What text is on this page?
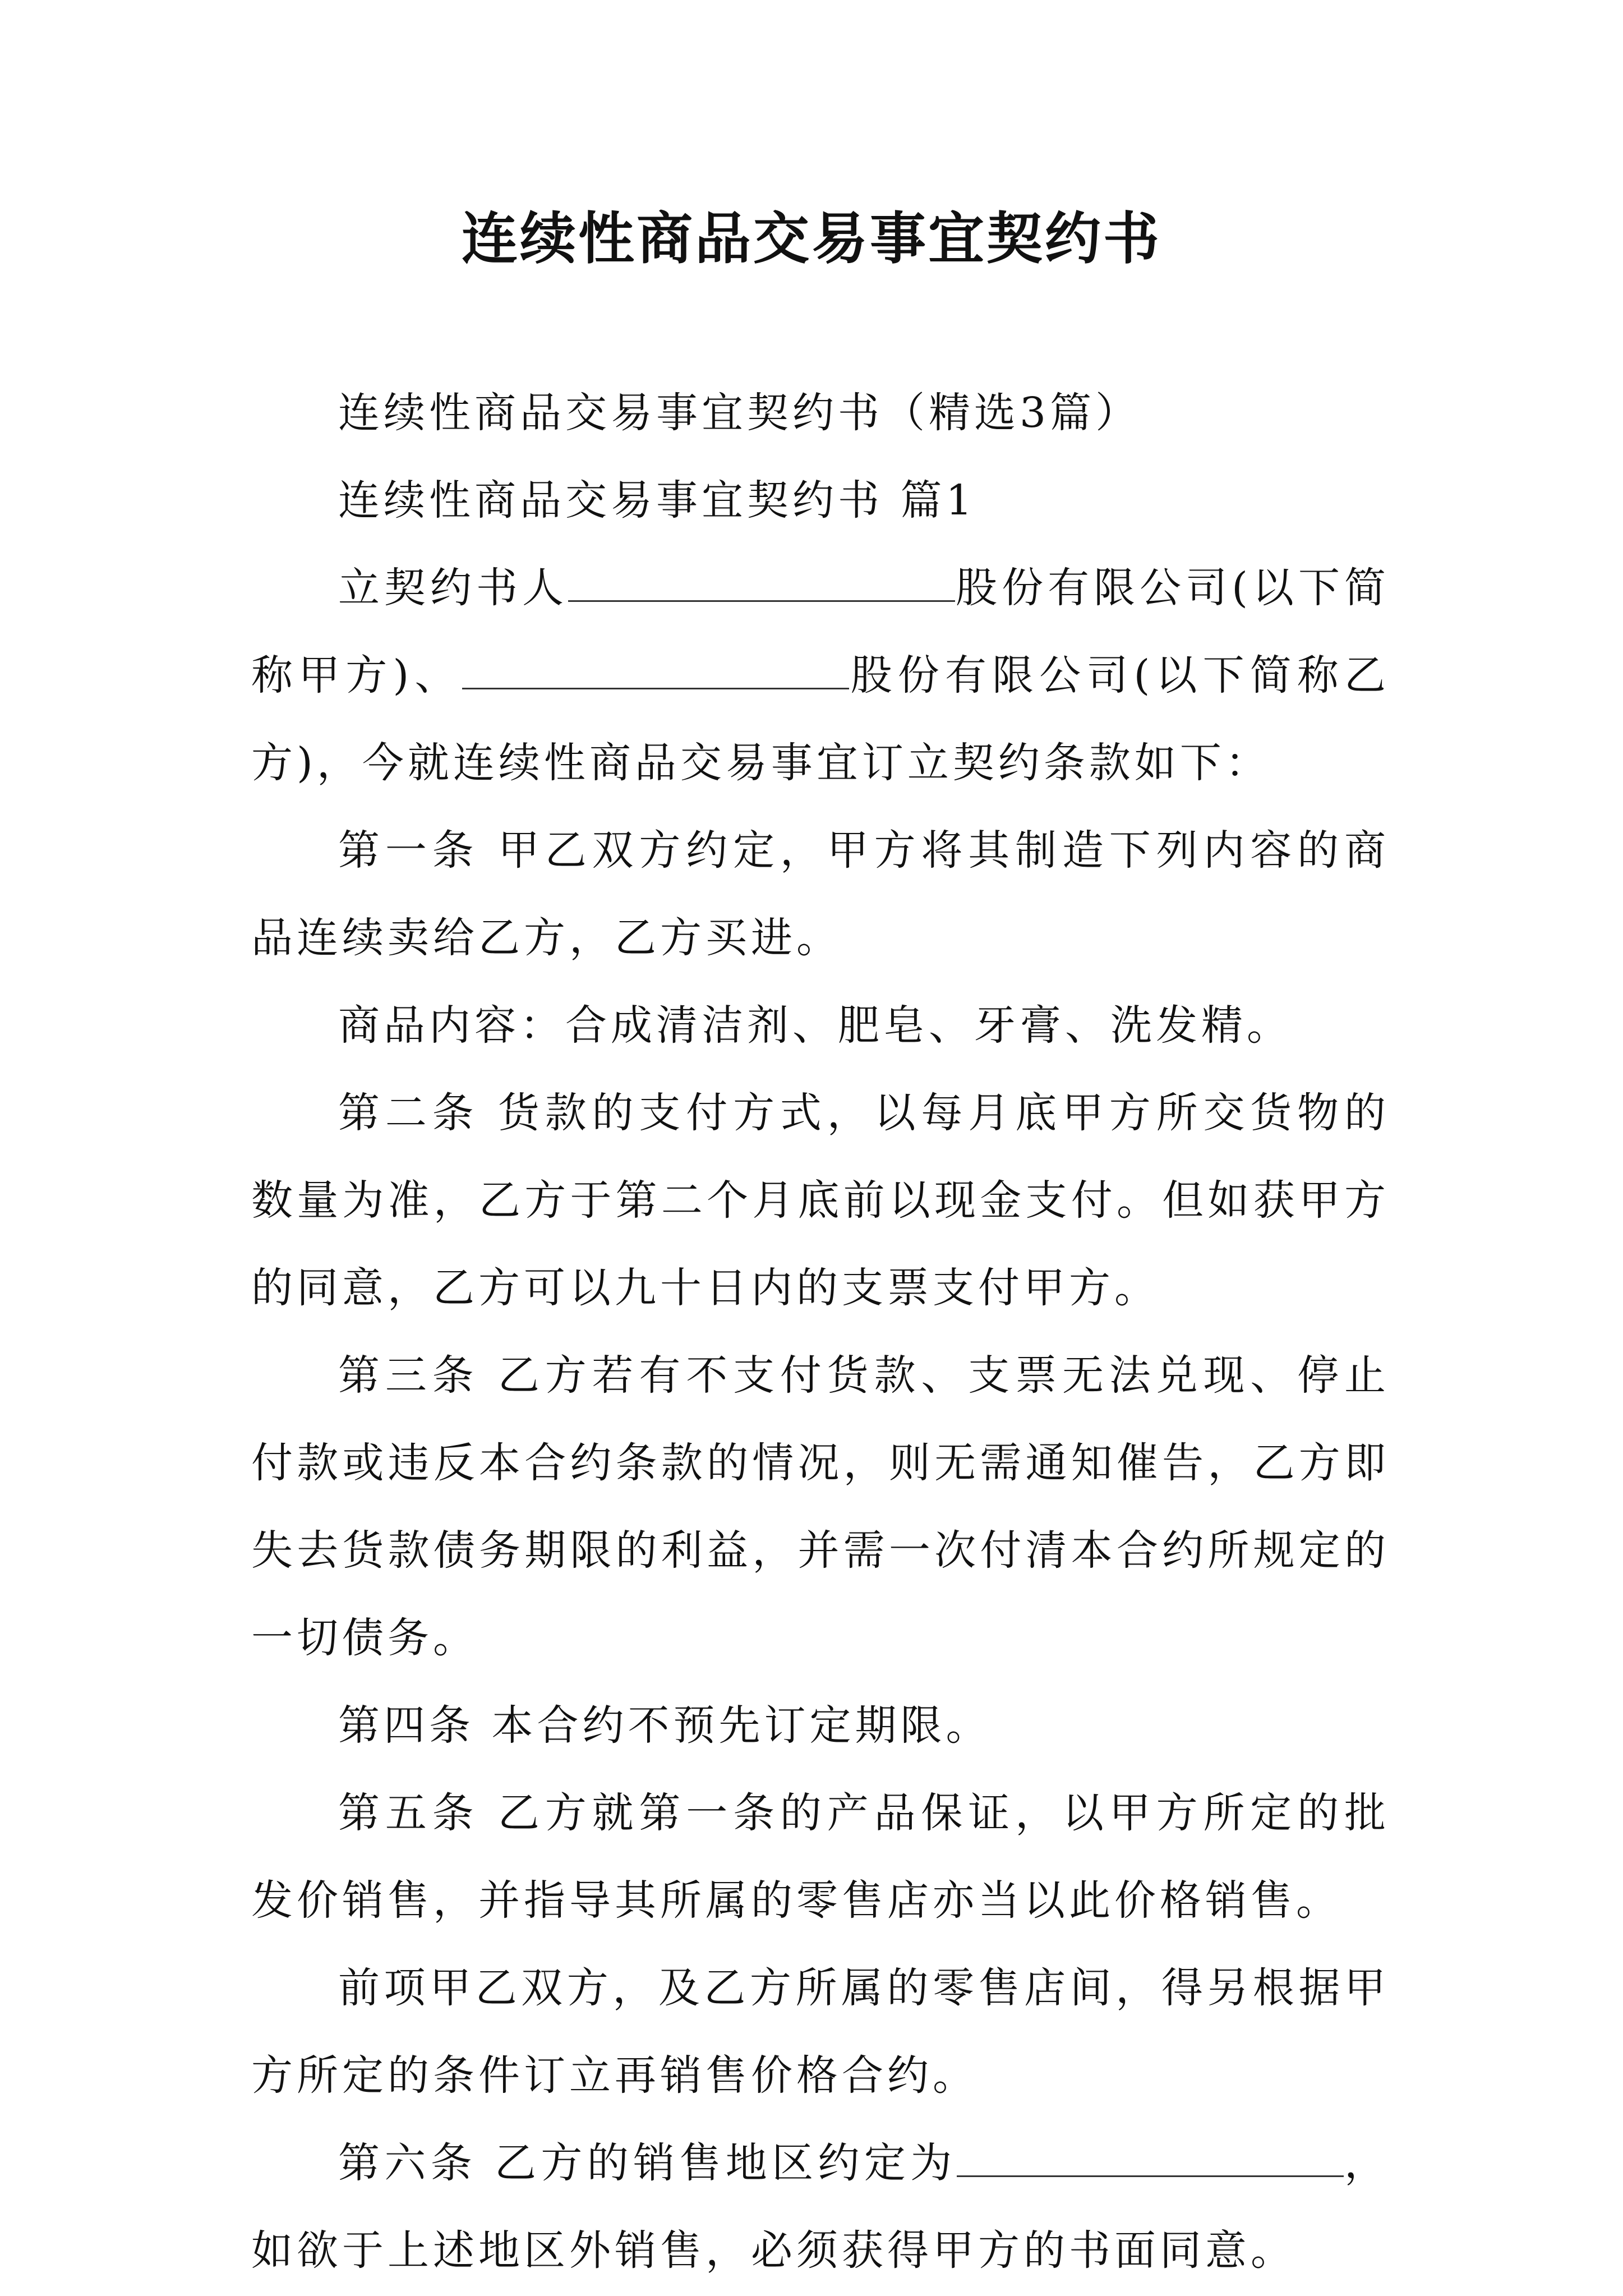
连续性商品交易事宜契约书

连续性商品交易事宜契约书（精选3篇）

连续性商品交易事宜契约书 篇1

立契约书人	股份有限公司(以下简称甲方)、	股份有限公司(以下简称乙方)，今就连续性商品交易事宜订立契约条款如下：

第一条 甲乙双方约定，甲方将其制造下列内容的商品连续卖给乙方，乙方买进。

商品内容：合成清洁剂、肥皂、牙膏、洗发精。

第二条 货款的支付方式，以每月底甲方所交货物的数量为准，乙方于第二个月底前以现金支付。但如获甲方的同意，乙方可以九十日内的支票支付甲方。

第三条 乙方若有不支付货款、支票无法兑现、停止付款或违反本合约条款的情况，则无需通知催告，乙方即失去货款债务期限的利益，并需一次付清本合约所规定的一切债务。

第四条 本合约不预先订定期限。

第五条 乙方就第一条的产品保证，以甲方所定的批发价销售，并指导其所属的零售店亦当以此价格销售。

前项甲乙双方，及乙方所属的零售店间，得另根据甲方所定的条件订立再销售价格合约。

第六条 乙方的销售地区约定为	，如欲于上述地区外销售，必须获得甲方的书面同意。
